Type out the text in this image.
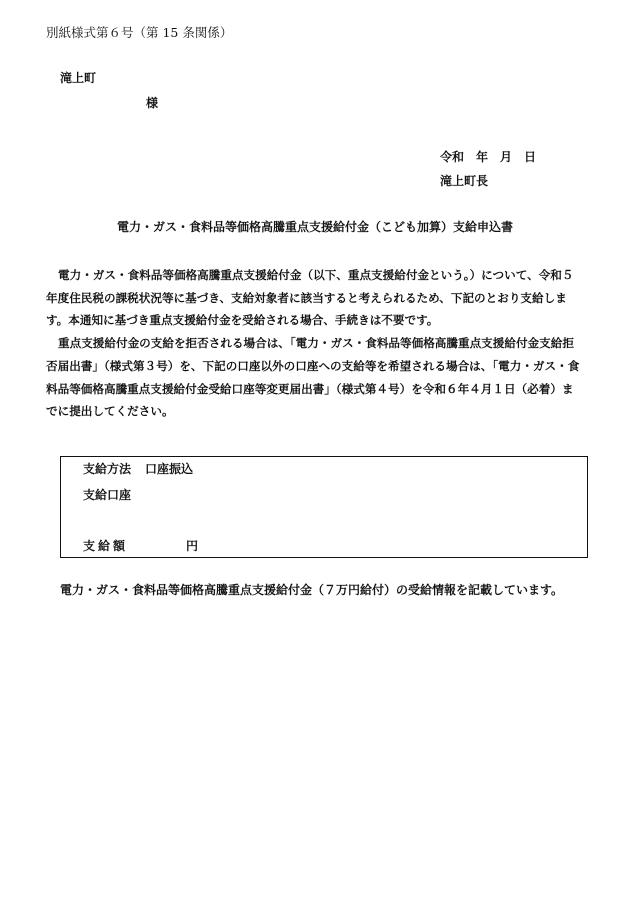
別紙様式第６号（第 15 条関係）
滝上町
様
令和　年　月　日
滝上町長
電力・ガス・食料品等価格高騰重点支援給付金（こども加算）支給申込書

電力・ガス・食料品等価格高騰重点支援給付金（以下、重点支援給付金という。）について、令和５年度住民税の課税状況等に基づき、支給対象者に該当すると考えられるため、下記のとおり支給します。本通知に基づき重点支援給付金を受給される場合、手続きは不要です。

重点支援給付金の支給を拒否される場合は、「電力・ガス・食料品等価格高騰重点支援給付金支給拒否届出書」（様式第３号）を、下記の口座以外の口座への支給等を希望される場合は、「電力・ガス・食料品等価格高騰重点支援給付金受給口座等変更届出書」（様式第４号）を令和６年４月１日（必着）までに提出してください。

支給方法 口座振込
支給口座
支給額	円
電力・ガス・食料品等価格高騰重点支援給付金（７万円給付）の受給情報を記載しています。
